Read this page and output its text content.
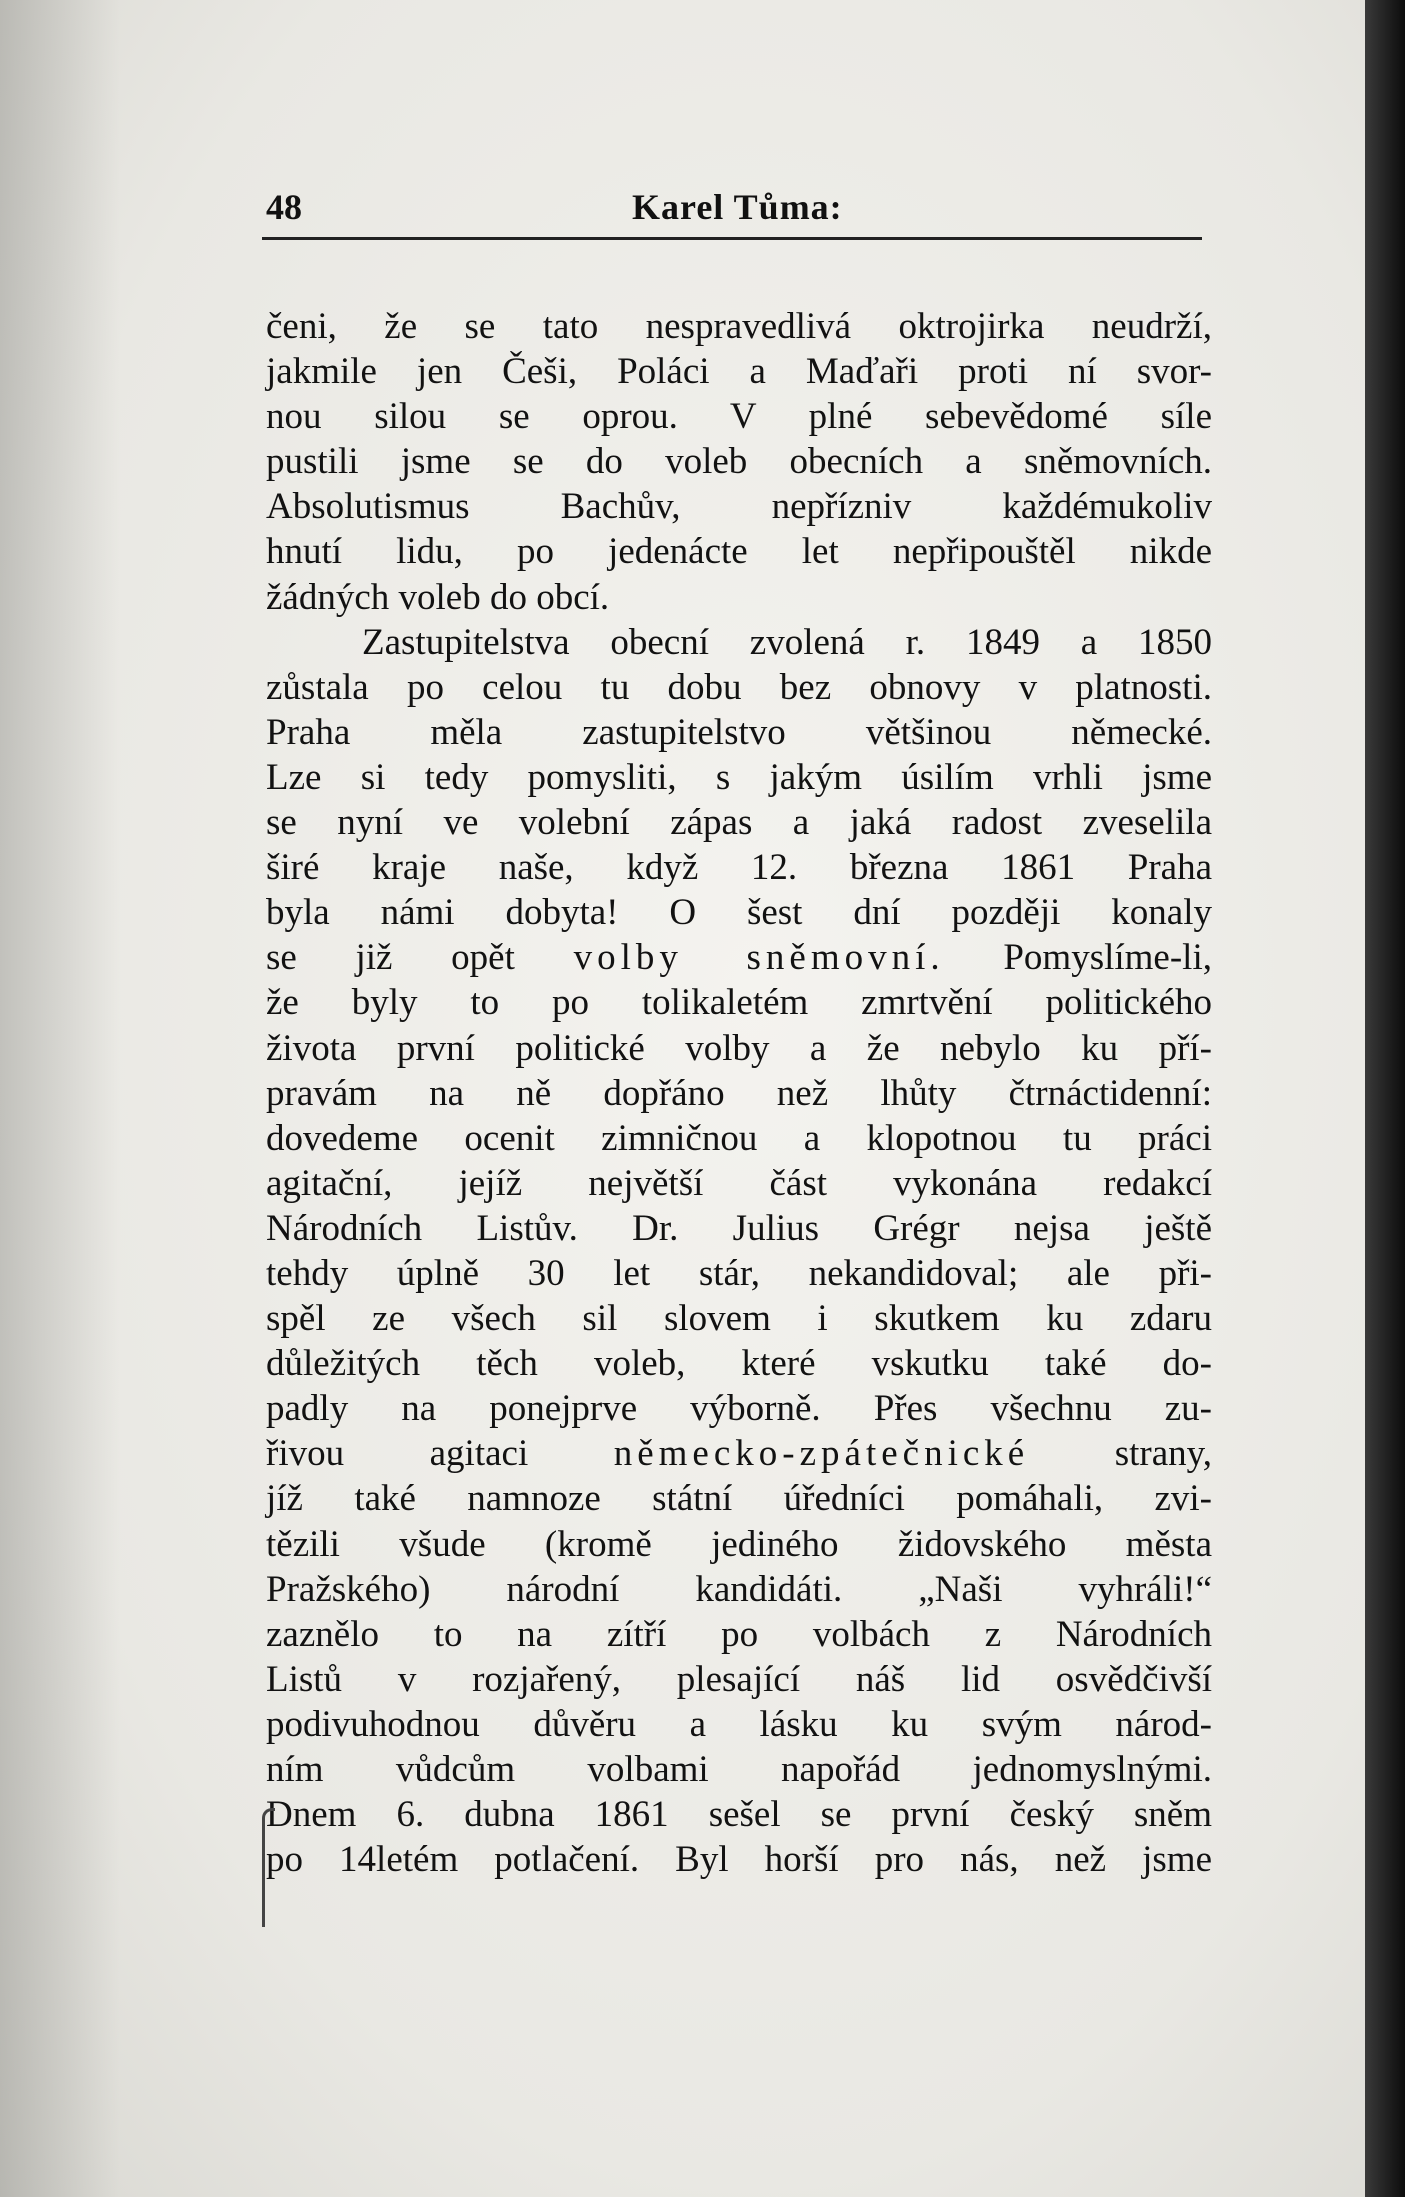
48	Karel Tůma:
čeni, že se tato nespravedlivá oktrojirka neudrží,
jakmile jen Češi, Poláci a Maďaři proti ní svor-
nou silou se oprou. V plné sebevědomé síle
pustili jsme se do voleb obecních a sněmovních.
Absolutismus Bachův, nepřízniv každémukoliv
hnutí lidu, po jedenácte let nepřipouštěl nikde
žádných voleb do obcí.
Zastupitelstva obecní zvolená r. 1849 a 1850
zůstala po celou tu dobu bez obnovy v platnosti.
Praha měla zastupitelstvo většinou německé.
Lze si tedy pomysliti, s jakým úsilím vrhli jsme
se nyní ve volební zápas a jaká radost zveselila
širé kraje naše, když 12. března 1861 Praha
byla námi dobyta! O šest dní později konaly
se již opět volby sněmovní. Pomyslíme-li,
že byly to po tolikaletém zmrtvění politického
života první politické volby a že nebylo ku pří-
pravám na ně dopřáno než lhůty čtrnáctidenní:
dovedeme ocenit zimničnou a klopotnou tu práci
agitační, jejíž největší část vykonána redakcí
Národních Listův. Dr. Julius Grégr nejsa ještě
tehdy úplně 30 let stár, nekandidoval; ale při-
spěl ze všech sil slovem i skutkem ku zdaru
důležitých těch voleb, které vskutku také do-
padly na ponejprve výborně. Přes všechnu zu-
řivou agitaci německo-zpátečnické strany,
jíž také namnoze státní úředníci pomáhali, zvi-
tězili všude (kromě jediného židovského města
Pražského) národní kandidáti. „Naši vyhráli!“
zaznělo to na zítří po volbách z Národních
Listů v rozjařený, plesající náš lid osvědčivší
podivuhodnou důvěru a lásku ku svým národ-
ním vůdcům volbami napořád jednomyslnými.
Dnem 6. dubna 1861 sešel se první český sněm
po 14letém potlačení. Byl horší pro nás, než jsme
